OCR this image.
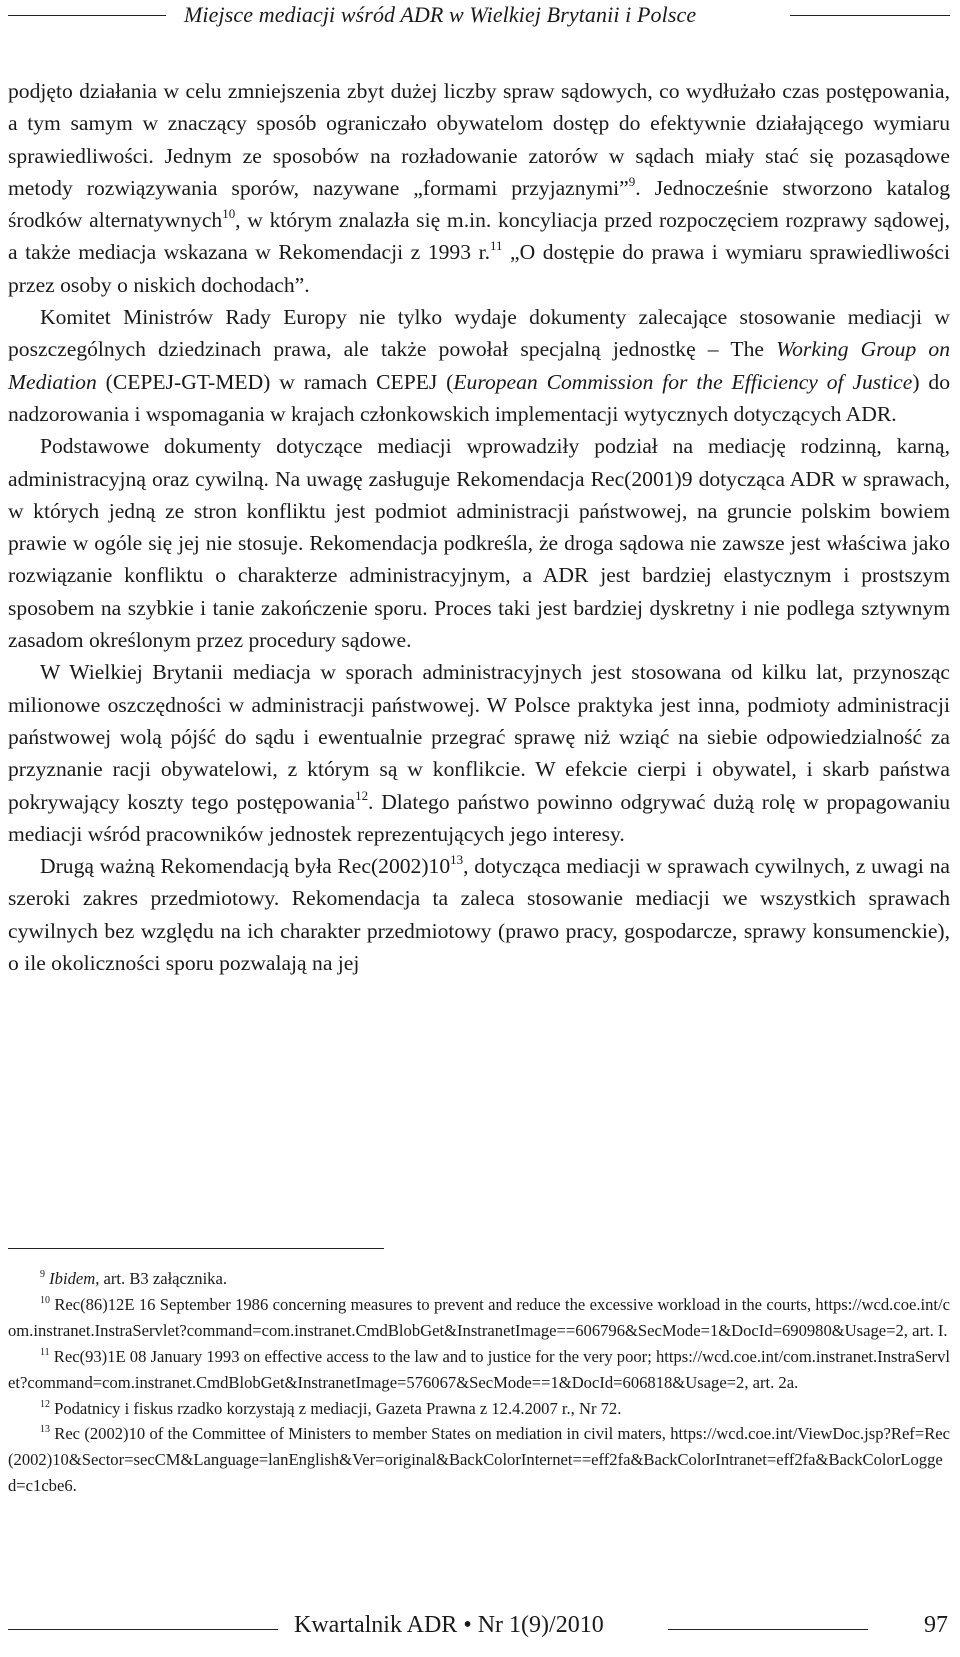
Miejsce mediacji wśród ADR w Wielkiej Brytanii i Polsce

podjęto działania w celu zmniejszenia zbyt dużej liczby spraw sądowych, co wydłużało czas postępowania, a tym samym w znaczący sposób ograniczało obywatelom dostęp do efektywnie działającego wymiaru sprawiedliwości. Jednym ze sposobów na rozładowanie zatorów w sądach miały stać się pozasądowe metody rozwiązywania sporów, nazywane „formami przyjaznymi”$^9$. Jednocześnie stworzono katalog środków alternatywnych$^{10}$, w którym znalazła się m.in. koncyliacja przed rozpoczęciem rozprawy sądowej, a także mediacja wskazana w Rekomendacji z 1993 r.$^{11}$ „O dostępie do prawa i wymiaru sprawiedliwości przez osoby o niskich dochodach”.

Komitet Ministrów Rady Europy nie tylko wydaje dokumenty zalecające stosowanie mediacji w poszczególnych dziedzinach prawa, ale także powołał specjalną jednostkę – The Working Group on Mediation (CEPEJ-GT-MED) w ramach CEPEJ (European Commission for the Efficiency of Justice) do nadzorowania i wspomagania w krajach członkowskich implementacji wytycznych dotyczących ADR.

Podstawowe dokumenty dotyczące mediacji wprowadziły podział na mediację rodzinną, karną, administracyjną oraz cywilną. Na uwagę zasługuje Rekomendacja Rec(2001)9 dotycząca ADR w sprawach, w których jedną ze stron konfliktu jest podmiot administracji państwowej, na gruncie polskim bowiem prawie w ogóle się jej nie stosuje. Rekomendacja podkreśla, że droga sądowa nie zawsze jest właściwa jako rozwiązanie konfliktu o charakterze administracyjnym, a ADR jest bardziej elastycznym i prostszym sposobem na szybkie i tanie zakończenie sporu. Proces taki jest bardziej dyskretny i nie podlega sztywnym zasadom określonym przez procedury sądowe.

W Wielkiej Brytanii mediacja w sporach administracyjnych jest stosowana od kilku lat, przynosząc milionowe oszczędności w administracji państwowej. W Polsce praktyka jest inna, podmioty administracji państwowej wolą pójść do sądu i ewentualnie przegrać sprawę niż wziąć na siebie odpowiedzialność za przyznanie racji obywatelowi, z którym są w konflikcie. W efekcie cierpi i obywatel, i skarb państwa pokrywający koszty tego postępowania$^{12}$. Dlatego państwo powinno odgrywać dużą rolę w propagowaniu mediacji wśród pracowników jednostek reprezentujących jego interesy.

Drugą ważną Rekomendacją była $Rec(2002)10^{13}$, dotycząca mediacji w sprawach cywilnych, z uwagi na szeroki zakres przedmiotowy. Rekomendacja ta zaleca stosowanie mediacji we wszystkich sprawach cywilnych bez względu na ich charakter przedmiotowy (prawo pracy, gospodarcze, sprawy konsumenckie), o ile okoliczności sporu pozwalają na jej

$^9$ Ibidem, art. B3 załącznika.

$^{10}$ Rec(86)12E 16 September 1986 concerning measures to prevent and reduce the excessive workload in the courts, https://wcd.coe.int/com.instranet.InstraServlet?command=com.instranet.CmdBlobGet&InstranetImage==606796&SecMode=1&DocId=690980&Usage=2, art. I.

$^{11}$ Rec(93)1E 08 January 1993 on effective access to the law and to justice for the very poor; https://wcd.coe.int/com.instranet.InstraServlet?command=com.instranet.CmdBlobGet&InstranetImage=576067&SecMode==1&DocId=606818&Usage=2, art. 2a.

$^{12}$ Podatnicy i fiskus rzadko korzystają z mediacji, Gazeta Prawna z 12.4.2007 r., Nr 72.

$^{13}$ Rec (2002)10 of the Committee of Ministers to member States on mediation in civil maters, https://wcd.coe.int/ViewDoc.jsp?Ref=Rec(2002)10&Sector=secCM&Language=lanEnglish&Ver=original&BackColorInternet==eff2fa&BackColorIntranet=eff2fa&BackColorLogged=c1cbe6.

Kwartalnik ADR • Nr 1(9)/2010	97
